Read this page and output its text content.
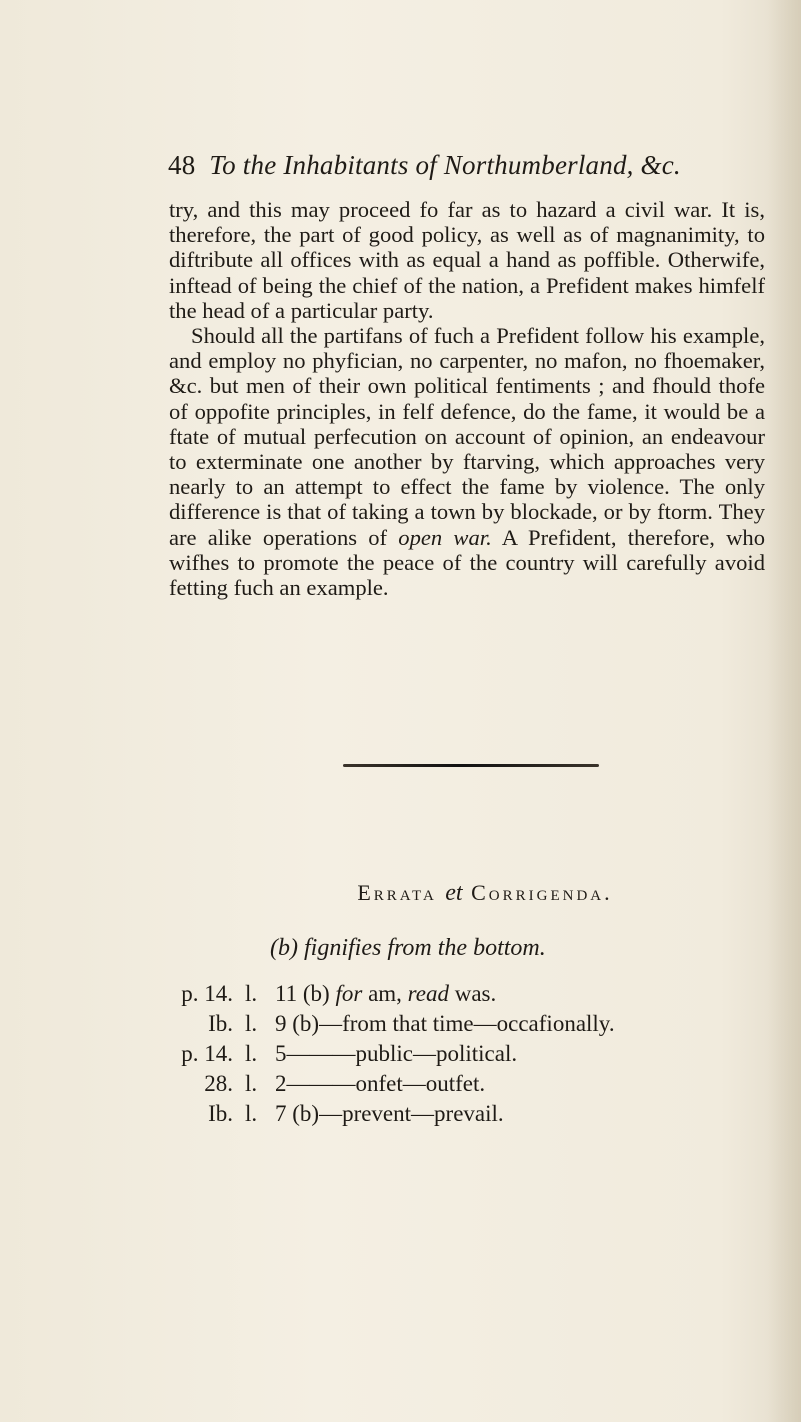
48 To the Inhabitants of Northumberland, &c.

try, and this may proceed fo far as to hazard a civil war. It is, therefore, the part of good policy, as well as of magnanimity, to diftribute all offices with as equal a hand as poffible. Otherwife, inftead of being the chief of the nation, a Prefident makes himfelf the head of a particular party.

Should all the partifans of fuch a Prefident follow his example, and employ no phyfician, no carpenter, no mafon, no fhoemaker, &c. but men of their own political fentiments ; and fhould thofe of oppofite principles, in felf defence, do the fame, it would be a ftate of mutual perfecution on account of opinion, an endeavour to exterminate one another by ftarving, which approaches very nearly to an attempt to effect the fame by violence. The only difference is that of taking a town by blockade, or by ftorm. They are alike operations of open war. A Prefident, therefore, who wifhes to promote the peace of the country will carefully avoid fetting fuch an example.

Errata et Corrigenda.
(b) fignifies from the bottom.
p. 14. l. 11 (b) for am, read was.
Ib. l. 9 (b)—from that time—occafionally.
p. 14. l. 5———public—political.
28. l. 2———onfet—outfet.
Ib. l. 7 (b)—prevent—prevail.
